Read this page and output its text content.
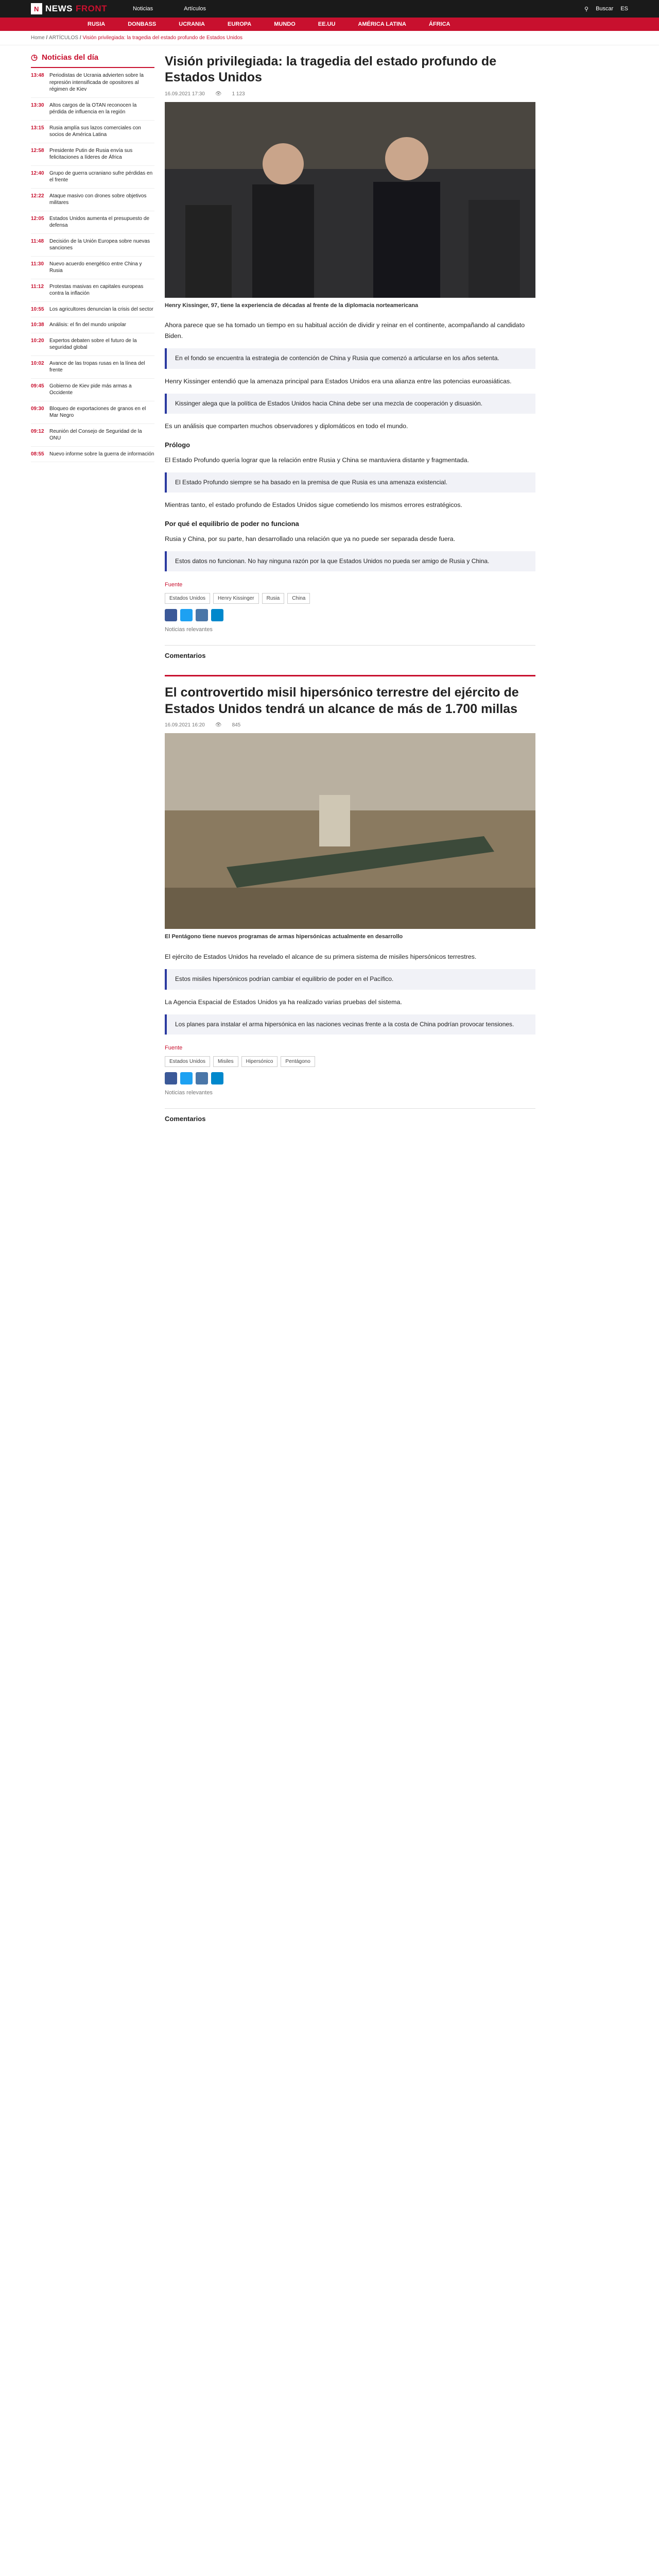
N NEWS FRONT	Noticias	Artículos	⚲ Buscar ES
RUSIA	DONBASS	UCRANIA	EUROPA	MUNDO	EE.UU	AMÉRICA LATINA	ÁFRICA
Home / ARTÍCULOS / Visión privilegiada: la tragedia del estado profundo de Estados Unidos
◷ Noticias del día
13:48	Periodistas de Ucrania advierten sobre la represión intensificada de opositores al régimen de Kiev
13:30	Altos cargos de la OTAN reconocen la pérdida de influencia en la región
13:15	Rusia amplía sus lazos comerciales con socios de América Latina
12:58	Presidente Putin de Rusia envía sus felicitaciones a líderes de África
12:40	Grupo de guerra ucraniano sufre pérdidas en el frente
12:22	Ataque masivo con drones sobre objetivos militares
12:05	Estados Unidos aumenta el presupuesto de defensa
11:48	Decisión de la Unión Europea sobre nuevas sanciones
11:30	Nuevo acuerdo energético entre China y Rusia
11:12	Protestas masivas en capitales europeas contra la inflación
10:55	Los agricultores denuncian la crisis del sector
10:38	Análisis: el fin del mundo unipolar
10:20	Expertos debaten sobre el futuro de la seguridad global
10:02	Avance de las tropas rusas en la línea del frente
09:45	Gobierno de Kiev pide más armas a Occidente
09:30	Bloqueo de exportaciones de granos en el Mar Negro
09:12	Reunión del Consejo de Seguridad de la ONU
08:55	Nuevo informe sobre la guerra de información
Visión privilegiada: la tragedia del estado profundo de Estados Unidos
16.09.2021 17:30 👁 1 123
Henry Kissinger, 97, tiene la experiencia de décadas al frente de la diplomacia norteamericana

Ahora parece que se ha tomado un tiempo en su habitual acción de dividir y reinar en el continente, acompañando al candidato Biden.

En el fondo se encuentra la estrategia de contención de China y Rusia que comenzó a articularse en los años setenta.

Henry Kissinger entendió que la amenaza principal para Estados Unidos era una alianza entre las potencias euroasiáticas.

Kissinger alega que la política de Estados Unidos hacia China debe ser una mezcla de cooperación y disuasión.

Es un análisis que comparten muchos observadores y diplomáticos en todo el mundo.

Prólogo

El Estado Profundo quería lograr que la relación entre Rusia y China se mantuviera distante y fragmentada.

El Estado Profundo siempre se ha basado en la premisa de que Rusia es una amenaza existencial.

Mientras tanto, el estado profundo de Estados Unidos sigue cometiendo los mismos errores estratégicos.

Por qué el equilibrio de poder no funciona

Rusia y China, por su parte, han desarrollado una relación que ya no puede ser separada desde fuera.

Estos datos no funcionan. No hay ninguna razón por la que Estados Unidos no pueda ser amigo de Rusia y China.
Fuente
Estados Unidos	Henry Kissinger	Rusia	China
Noticias relevantes
Comentarios
El controvertido misil hipersónico terrestre del ejército de Estados Unidos tendrá un alcance de más de 1.700 millas
16.09.2021 16:20 👁 845
El Pentágono tiene nuevos programas de armas hipersónicas actualmente en desarrollo

El ejército de Estados Unidos ha revelado el alcance de su primera sistema de misiles hipersónicos terrestres.

Estos misiles hipersónicos podrían cambiar el equilibrio de poder en el Pacífico.

La Agencia Espacial de Estados Unidos ya ha realizado varias pruebas del sistema.

Los planes para instalar el arma hipersónica en las naciones vecinas frente a la costa de China podrían provocar tensiones.
Fuente
Estados Unidos	Misiles	Hipersónico	Pentágono
Noticias relevantes
Comentarios
